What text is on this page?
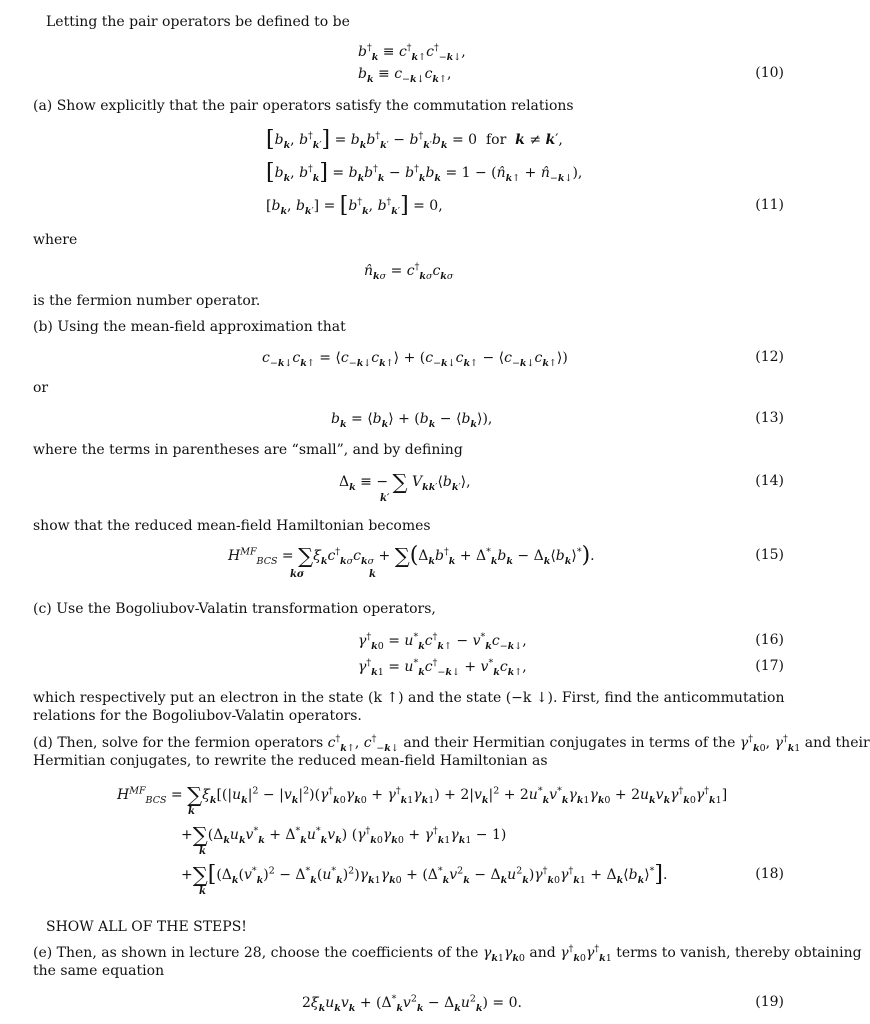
Letting the pair operators be defined to be
$b^\dagger_k \equiv c^\dagger_{k↑}c^\dagger_{-k↓}$,
$b_k \equiv c_{-k↓}c_{k↑}$,	(10)
(a) Show explicitly that the pair operators satisfy the commutation relations
[$b_k$, $b^\dagger_{k'}] = b_kb^\dagger_{k'} - b^\dagger_{k'}b_k = 0$  for  k ≠ k′,
[$b_k$, $b^\dagger_k] = b_kb^\dagger_k - b^\dagger_kb_k = 1$ − ($n̂_{k↑}$ + $n̂_{-k↓}$),
[$b_k$, $b_{k'}] = [b^\dagger_k$, $b^\dagger_{k'}] = 0$,	(11)
where
$n̂_{k\sigma} = c^\dagger_{k\sigma}c_{k\sigma}$
is the fermion number operator.
(b) Using the mean-field approximation that
$c_{-k↓}c_{k↑}$ = $⟨c_{-k↓}c_{k↑}⟩ + (c_{-k↓}c_{k↑}$ − $⟨c_{-k↓}c_{k↑}⟩$)	(12)
or
$b_k$ = $⟨b_k⟩ + (b_k$ − $⟨b_k⟩$),	(13)
where the terms in parentheses are “small”, and by defining
$\Delta_k$ ≡ − ∑ $V_{kk'}⟨b_{k'}⟩$,
k′
(14)
show that the reduced mean-field Hamiltonian becomes
$H^{MF}_{BCS} = \sum\xi_kc^\dagger_{k\sigma}c_{k\sigma} + \sum(\Delta_kb^\dagger_k + \Delta^*_kb_k$ − $\Delta_k⟨b_k⟩^*$).
kσ	k
(15)
(c) Use the Bogoliubov-Valatin transformation operators,
$\gamma^\dagger_{k0} = u^*_kc^\dagger_{k↑} - v^*_kc_{-k↓}$,	(16)
$\gamma^\dagger_{k1} = u^*_kc^\dagger_{-k↓} + v^*_kc_{k↑}$,	(17)
which respectively put an electron in the state (k ↑) and the state (−k ↓). First, find the anticommutation relations for the Bogoliubov-Valatin operators.
(d) Then, solve for the fermion operators $c^\dagger_{k↑}$, $c^\dagger_{-k↓}$ and their Hermitian conjugates in terms of the $\gamma^\dagger_{k0}$, $\gamma^\dagger_{k1}$ and their
Hermitian conjugates, to rewrite the reduced mean-field Hamiltonian as
$H^{MF}_{BCS} = \sum\xi_k[(|u_k|^2 - |v_k|^2)(\gamma^\dagger_{k0}\gamma_{k0} + \gamma^\dagger_{k1}\gamma_{k1}) + 2|v_k|^2 + 2u^*_kv^*_k\gamma_{k1}\gamma_{k0} + 2u_kv_k\gamma^\dagger_{k0}\gamma^\dagger_{k1}]$
k
$+\sum(\Delta_ku_kv^*_k + \Delta^*_ku^*_kv_k) (\gamma^\dagger_{k0}\gamma_{k0} + \gamma^\dagger_{k1}\gamma_{k1} - 1)$
k
$+\sum[(\Delta_k(v^*_k)^2 - \Delta^*_k(u^*_k)^2)\gamma_{k1}\gamma_{k0} + (\Delta^*_kv^2_k - \Delta_ku^2_k)\gamma^\dagger_{k0}\gamma^\dagger_{k1}$ + $\Delta_k⟨b_k⟩^*$].
k
(18)
SHOW ALL OF THE STEPS!
(e) Then, as shown in lecture 28, choose the coefficients of the $\gamma_{k1}\gamma_{k0}$ and $\gamma^\dagger_{k0}\gamma^\dagger_{k1}$ terms to vanish, thereby obtaining
the same equation
$2\xi_ku_kv_k + (\Delta^*_kv^2_k - \Delta_ku^2_k) = 0$.	(19)
